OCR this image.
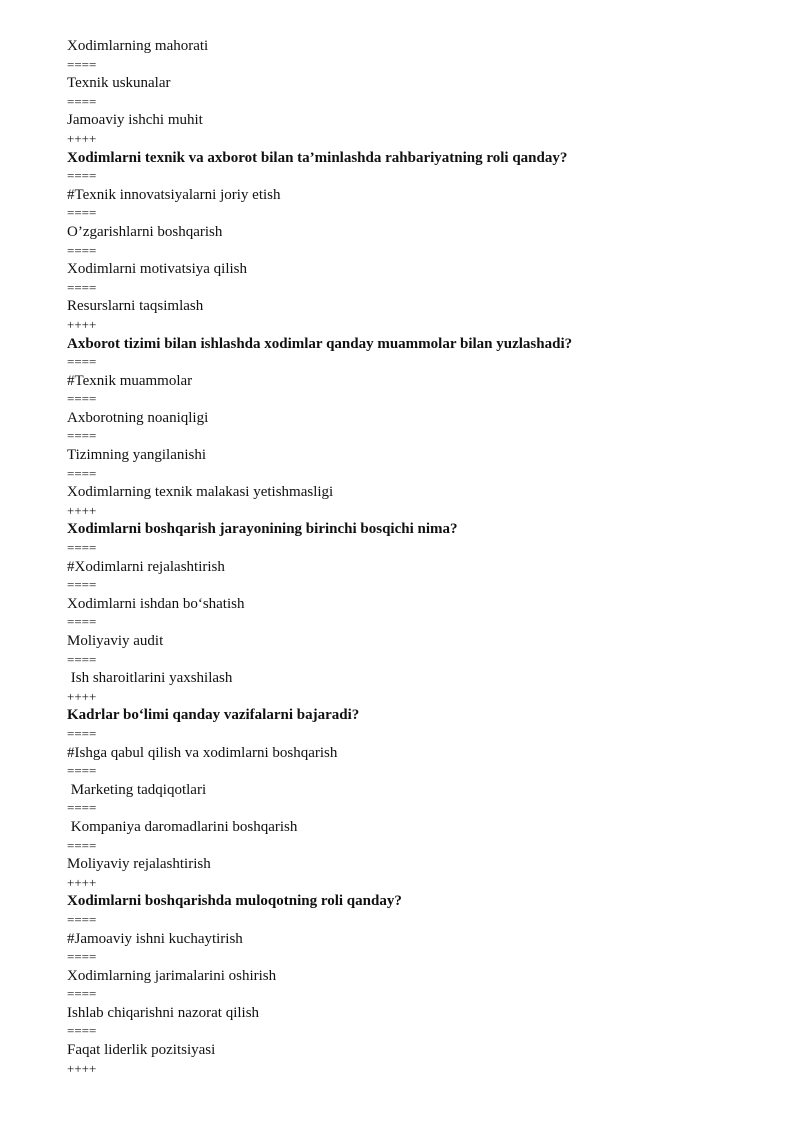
Xodimlarning mahorati
====
Texnik uskunalar
====
Jamoaviy ishchi muhit
++++
Xodimlarni texnik va axborot bilan ta’minlashda rahbariyatning roli qanday?
====
#Texnik innovatsiyalarni joriy etish
====
O’zgarishlarni boshqarish
====
Xodimlarni motivatsiya qilish
====
Resurslarni taqsimlash
++++
Axborot tizimi bilan ishlashda xodimlar qanday muammolar bilan yuzlashadi?
====
#Texnik muammolar
====
Axborotning noaniqligi
====
Tizimning yangilanishi
====
Xodimlarning texnik malakasi yetishmasligi
++++
Xodimlarni boshqarish jarayonining birinchi bosqichi nima?
====
#Xodimlarni rejalashtirish
====
Xodimlarni ishdan bo‘shatish
====
Moliyaviy audit
====
Ish sharoitlarini yaxshilash
++++
Kadrlar bo‘limi qanday vazifalarni bajaradi?
====
#Ishga qabul qilish va xodimlarni boshqarish
====
Marketing tadqiqotlari
====
Kompaniya daromadlarini boshqarish
====
Moliyaviy rejalashtirish
++++
Xodimlarni boshqarishda muloqotning roli qanday?
====
#Jamoaviy ishni kuchaytirish
====
Xodimlarning jarimalarini oshirish
====
Ishlab chiqarishni nazorat qilish
====
Faqat liderlik pozitsiyasi
++++
